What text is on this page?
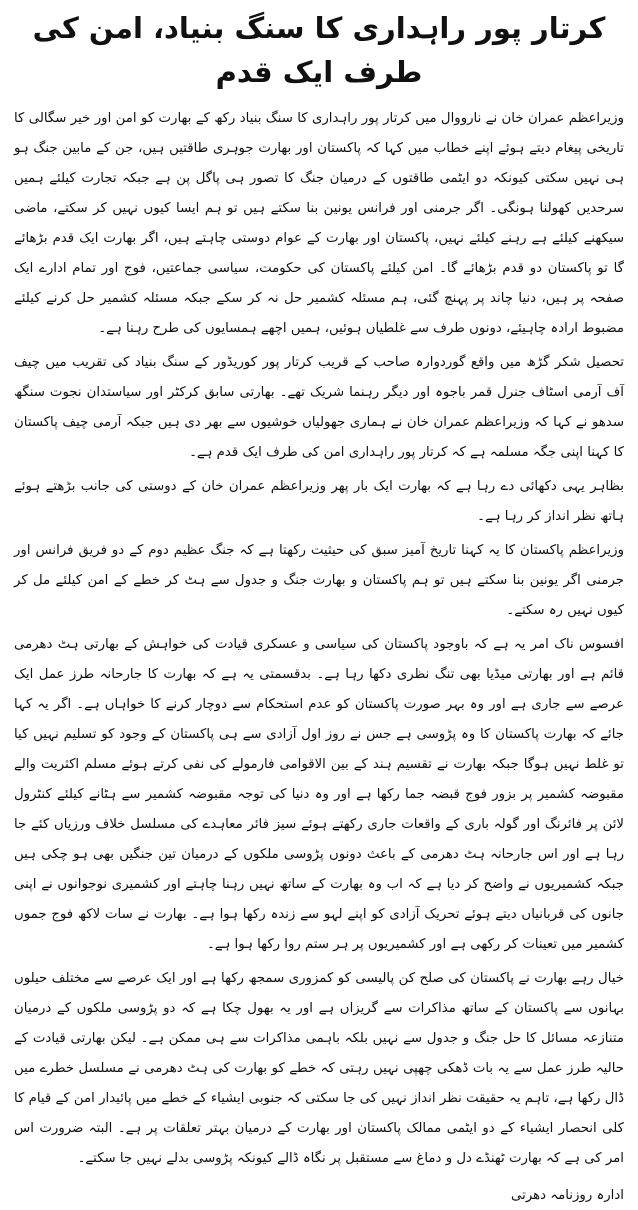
کرتار پور راہداری کا سنگ بنیاد، امن کی طرف ایک قدم

وزیراعظم عمران خان نے نارووال میں کرتار پور راہداری کا سنگ بنیاد رکھ کے بھارت کو امن اور خیر سگالی کا تاریخی پیغام دیتے ہوئے اپنے خطاب میں کہا کہ پاکستان اور بھارت جوہری طاقتیں ہیں، جن کے مابین جنگ ہو ہی نہیں سکتی کیونکہ دو ایٹمی طاقتوں کے درمیان جنگ کا تصور ہی پاگل پن ہے جبکہ تجارت کیلئے ہمیں سرحدیں کھولنا ہونگی۔ اگر جرمنی اور فرانس یونین بنا سکتے ہیں تو ہم ایسا کیوں نہیں کر سکتے، ماضی سیکھنے کیلئے ہے رہنے کیلئے نہیں، پاکستان اور بھارت کے عوام دوستی چاہتے ہیں، اگر بھارت ایک قدم بڑھائے گا تو پاکستان دو قدم بڑھائے گا۔ امن کیلئے پاکستان کی حکومت، سیاسی جماعتیں، فوج اور تمام ادارے ایک صفحہ پر ہیں، دنیا چاند پر پہنچ گئی، ہم مسئلہ کشمیر حل نہ کر سکے جبکہ مسئلہ کشمیر حل کرنے کیلئے مضبوط ارادہ چاہیئے، دونوں طرف سے غلطیاں ہوئیں، ہمیں اچھے ہمسایوں کی طرح رہنا ہے۔

تحصیل شکر گڑھ میں واقع گوردوارہ صاحب کے قریب کرتار پور کوریڈور کے سنگ بنیاد کی تقریب میں چیف آف آرمی اسٹاف جنرل قمر باجوہ اور دیگر رہنما شریک تھے۔ بھارتی سابق کرکٹر اور سیاستدان نجوت سنگھ سدھو نے کہا کہ وزیراعظم عمران خان نے ہماری جھولیاں خوشیوں سے بھر دی ہیں جبکہ آرمی چیف پاکستان کا کہنا اپنی جگہ مسلمہ ہے کہ کرتار پور راہداری امن کی طرف ایک قدم ہے۔

بظاہر یہی دکھائی دے رہا ہے کہ بھارت ایک بار پھر وزیراعظم عمران خان کے دوستی کی جانب بڑھتے ہوئے ہاتھ نظر انداز کر رہا ہے۔

وزیراعظم پاکستان کا یہ کہنا تاریخ آمیز سبق کی حیثیت رکھتا ہے کہ جنگ عظیم دوم کے دو فریق فرانس اور جرمنی اگر یونین بنا سکتے ہیں تو ہم پاکستان و بھارت جنگ و جدول سے ہٹ کر خطے کے امن کیلئے مل کر کیوں نہیں رہ سکتے۔

افسوس ناک امر یہ ہے کہ باوجود پاکستان کی سیاسی و عسکری قیادت کی خواہش کے بھارتی ہٹ دھرمی قائم ہے اور بھارتی میڈیا بھی تنگ نظری دکھا رہا ہے۔ بدقسمتی یہ ہے کہ بھارت کا جارحانہ طرز عمل ایک عرصے سے جاری ہے اور وہ بہر صورت پاکستان کو عدم استحکام سے دوچار کرنے کا خواہاں ہے۔ اگر یہ کہا جائے کہ بھارت پاکستان کا وہ پڑوسی ہے جس نے روز اول آزادی سے ہی پاکستان کے وجود کو تسلیم نہیں کیا تو غلط نہیں ہوگا جبکہ بھارت نے تقسیم ہند کے بین الاقوامی فارمولے کی نفی کرتے ہوئے مسلم اکثریت والے مقبوضہ کشمیر پر بزور فوج قبضہ جما رکھا ہے اور وہ دنیا کی توجہ مقبوضہ کشمیر سے ہٹانے کیلئے کنٹرول لائن پر فائرنگ اور گولہ باری کے واقعات جاری رکھتے ہوئے سیز فائر معاہدے کی مسلسل خلاف ورزیاں کئے جا رہا ہے اور اس جارحانہ ہٹ دھرمی کے باعث دونوں پڑوسی ملکوں کے درمیان تین جنگیں بھی ہو چکی ہیں جبکہ کشمیریوں نے واضح کر دیا ہے کہ اب وہ بھارت کے ساتھ نہیں رہنا چاہتے اور کشمیری نوجوانوں نے اپنی جانوں کی قربانیاں دیتے ہوئے تحریک آزادی کو اپنے لہو سے زندہ رکھا ہوا ہے۔ بھارت نے سات لاکھ فوج جموں کشمیر میں تعینات کر رکھی ہے اور کشمیریوں پر ہر ستم روا رکھا ہوا ہے۔

خیال رہے بھارت نے پاکستان کی صلح کن پالیسی کو کمزوری سمجھ رکھا ہے اور ایک عرصے سے مختلف حیلوں بہانوں سے پاکستان کے ساتھ مذاکرات سے گریزاں ہے اور یہ بھول چکا ہے کہ دو پڑوسی ملکوں کے درمیان متنازعہ مسائل کا حل جنگ و جدول سے نہیں بلکہ باہمی مذاکرات سے ہی ممکن ہے۔ لیکن بھارتی قیادت کے حالیہ طرز عمل سے یہ بات ڈھکی چھپی نہیں رہتی کہ خطے کو بھارت کی ہٹ دھرمی نے مسلسل خطرے میں ڈال رکھا ہے، تاہم یہ حقیقت نظر انداز نہیں کی جا سکتی کہ جنوبی ایشیاء کے خطے میں پائیدار امن کے قیام کا کلی انحصار ایشیاء کے دو ایٹمی ممالک پاکستان اور بھارت کے درمیان بہتر تعلقات پر ہے۔ البتہ ضرورت اس امر کی ہے کہ بھارت ٹھنڈے دل و دماغ سے مستقبل پر نگاہ ڈالے کیونکہ پڑوسی بدلے نہیں جا سکتے۔

ادارہ روزنامہ دھرتی
